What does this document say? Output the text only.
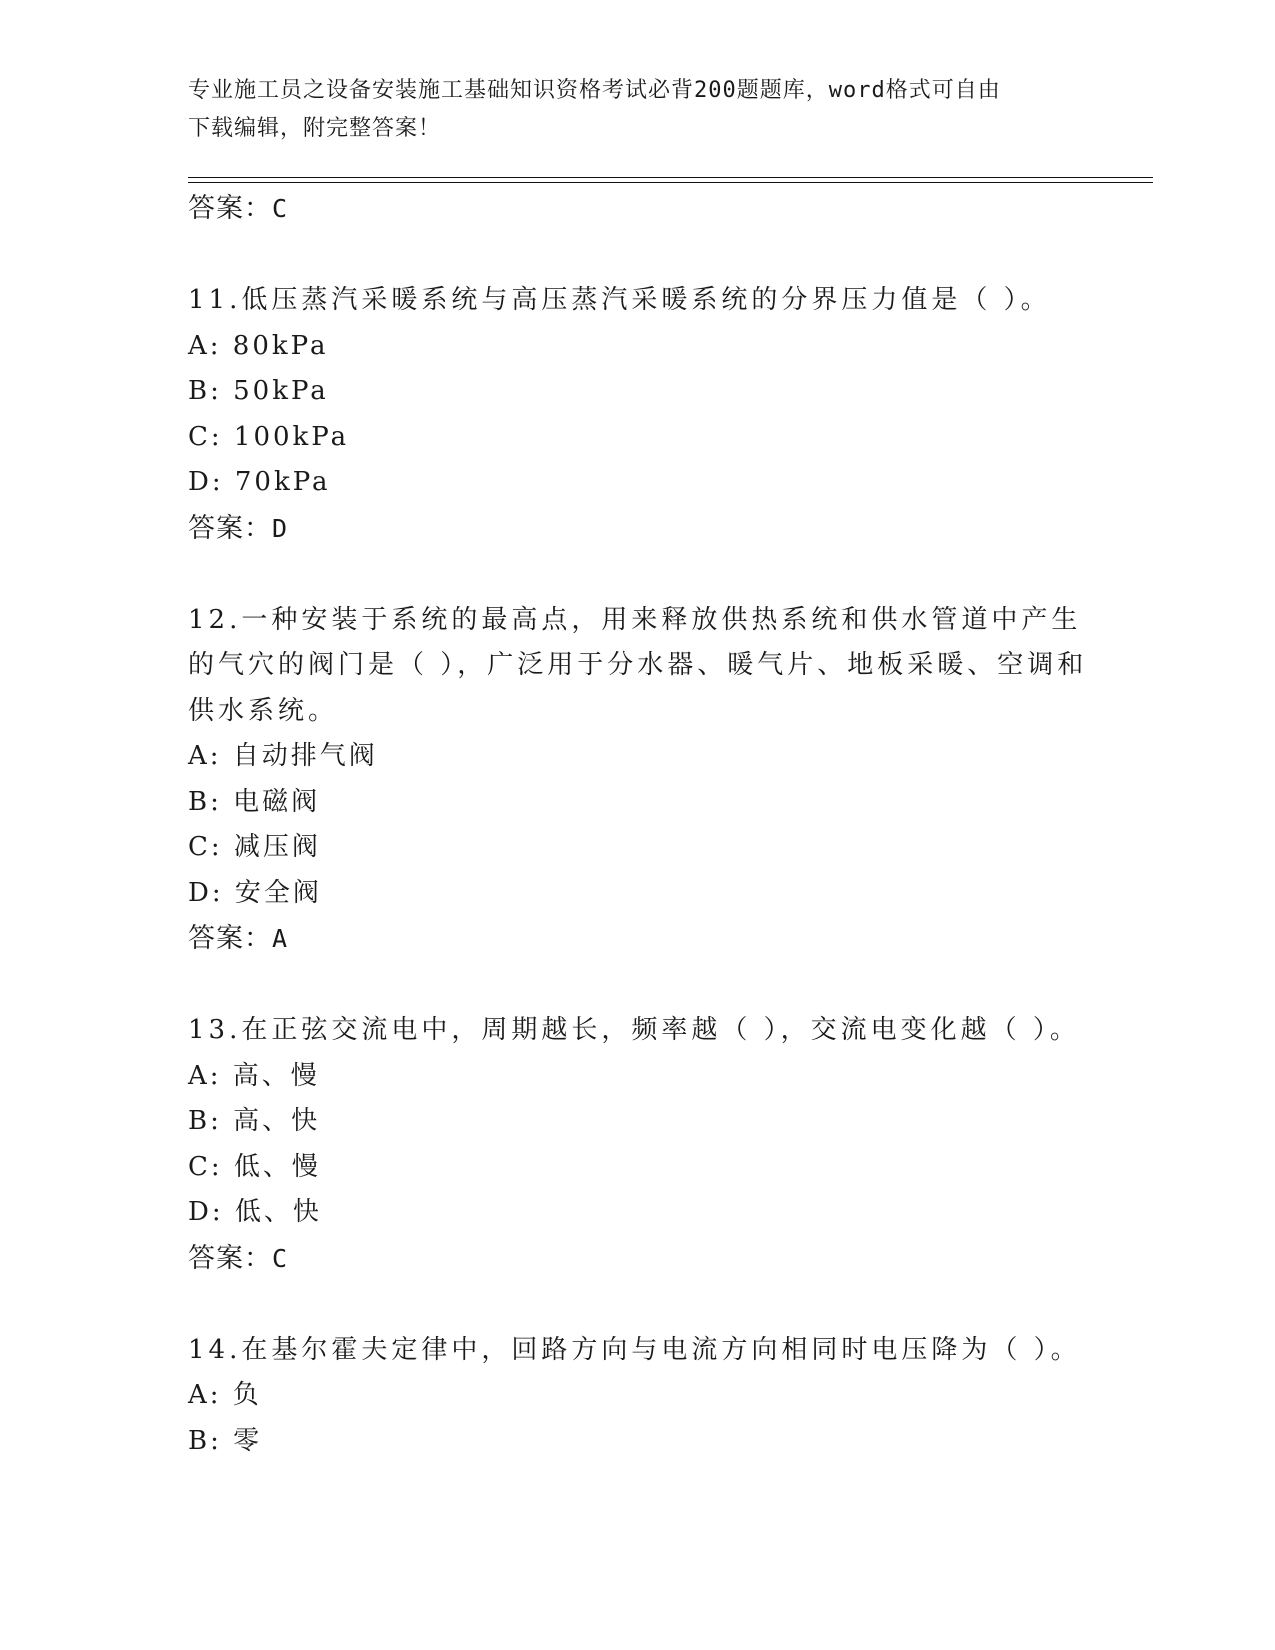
专业施工员之设备安装施工基础知识资格考试必背200题题库，word格式可自由
下载编辑，附完整答案！
答案：C
11.低压蒸汽采暖系统与高压蒸汽采暖系统的分界压力值是（ ）。
A: 80kPa
B: 50kPa
C: 100kPa
D: 70kPa
答案：D
12.一种安装于系统的最高点，用来释放供热系统和供水管道中产生的气穴的阀门是（ ），广泛用于分水器、暖气片、地板采暖、空调和供水系统。
A: 自动排气阀
B: 电磁阀
C: 减压阀
D: 安全阀
答案：A
13.在正弦交流电中，周期越长，频率越（ ），交流电变化越（ ）。
A: 高、慢
B: 高、快
C: 低、慢
D: 低、快
答案：C
14.在基尔霍夫定律中，回路方向与电流方向相同时电压降为（ ）。
A: 负
B: 零
